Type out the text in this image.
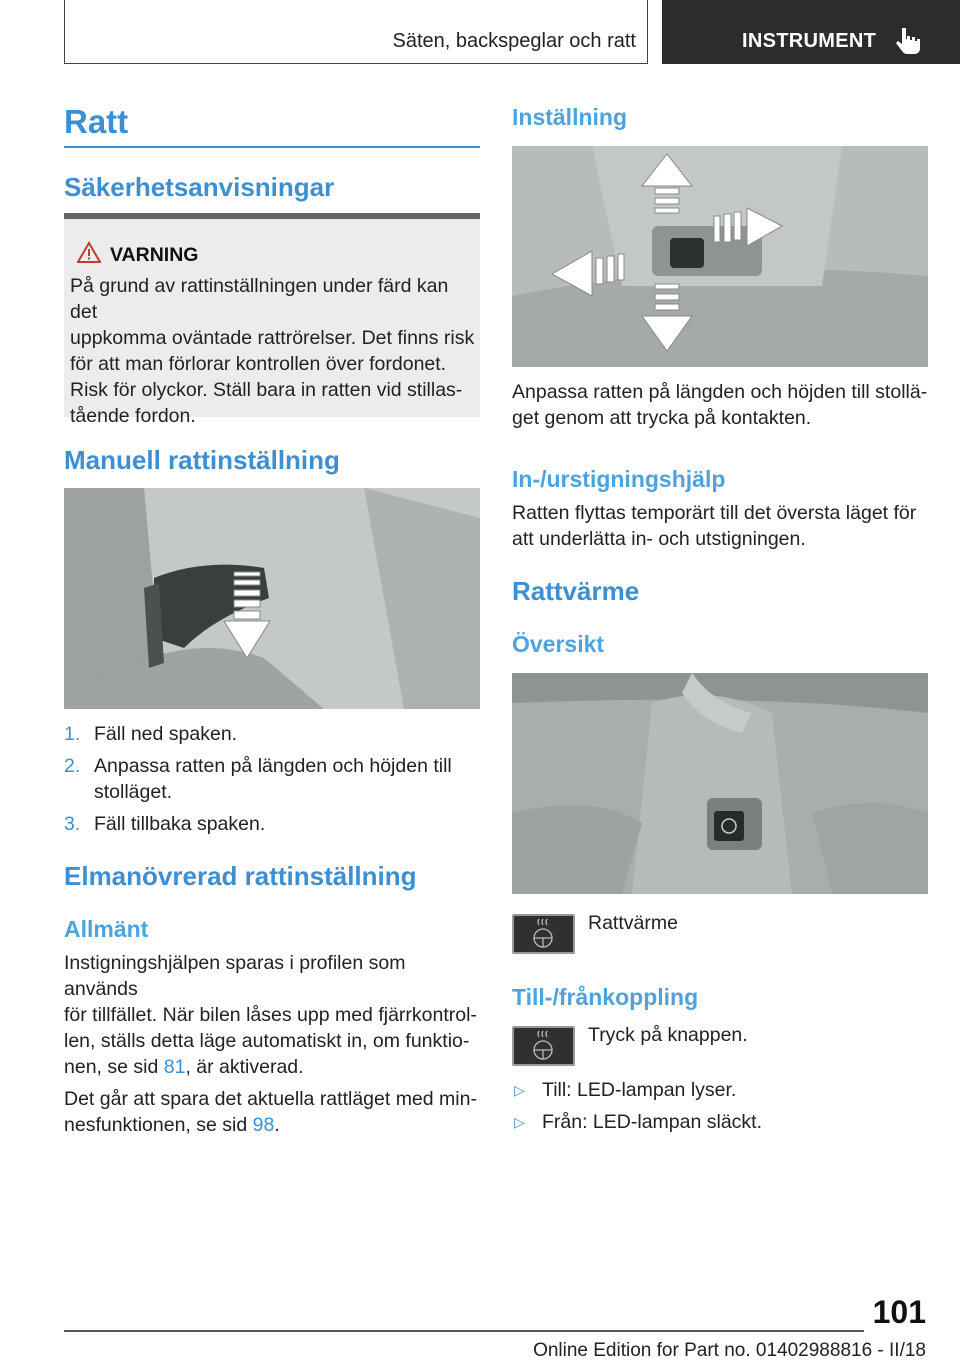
Säten, backspeglar och ratt	INSTRUMENT
Ratt
Säkerhetsanvisningar
VARNING
På grund av rattinställningen under färd kan det
uppkomma oväntade rattrörelser. Det finns risk
för att man förlorar kontrollen över fordonet.
Risk för olyckor. Ställ bara in ratten vid stillas‐
tående fordon.
Manuell rattinställning
1. Fäll ned spaken.
2. Anpassa ratten på längden och höjden till
stolläget.
3. Fäll tillbaka spaken.
Elmanövrerad rattinställning
Allmänt
Instigningshjälpen sparas i profilen som används
för tillfället. När bilen låses upp med fjärrkontrol‐
len, ställs detta läge automatiskt in, om funktio‐
nen, se sid 81, är aktiverad.
Det går att spara det aktuella rattläget med min‐
nesfunktionen, se sid 98.
Inställning
Anpassa ratten på längden och höjden till stollä‐
get genom att trycka på kontakten.
In-/urstigningshjälp
Ratten flyttas temporärt till det översta läget för
att underlätta in- och utstigningen.
Rattvärme
Översikt
Rattvärme
Till-/frånkoppling
Tryck på knappen.
▷ Till: LED-lampan lyser.
▷ Från: LED-lampan släckt.
101
Online Edition for Part no. 01402988816 - II/18
